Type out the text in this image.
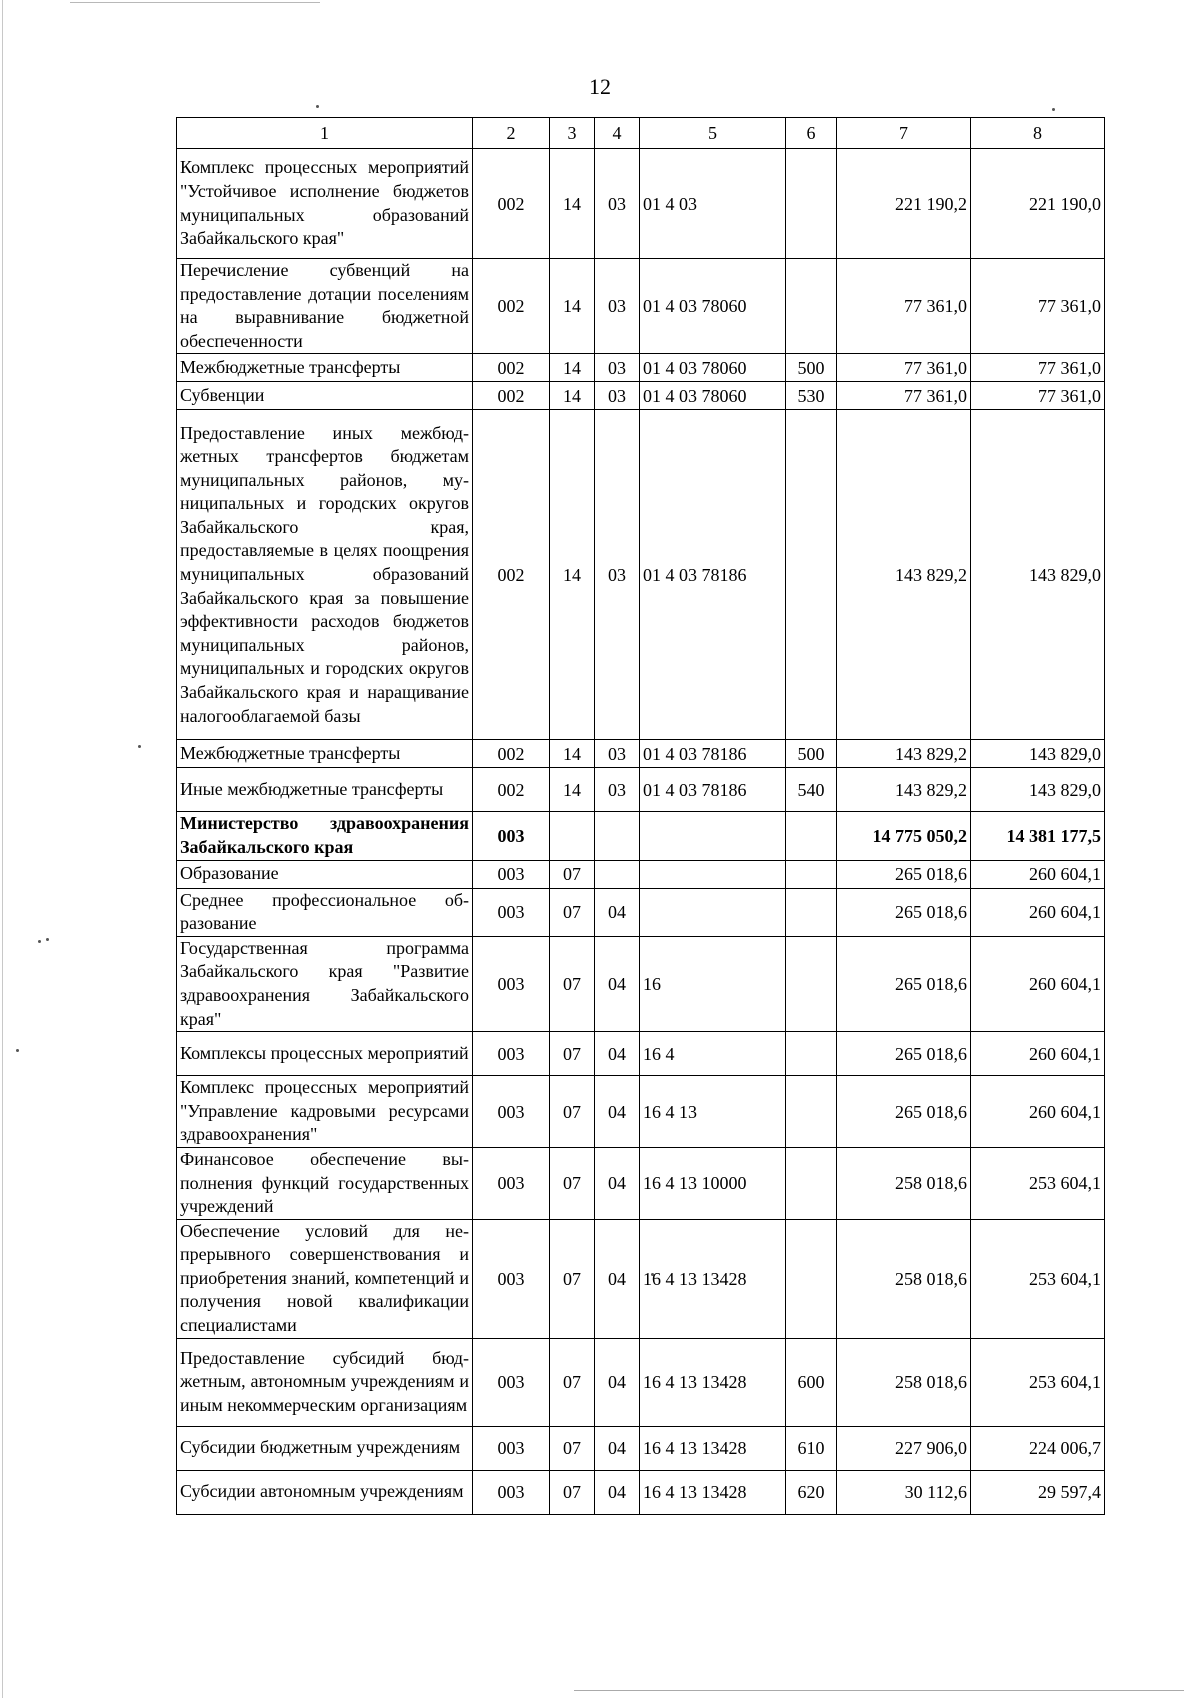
12
1	2	3	4	5	6	7	8
Комплекс процессных мероприятий "Устойчивое исполнение бюджетов муниципальных образований Забайкальского края"	002	14	03	01 4 03		221 190,2	221 190,0
Перечисление субвенций на предоставление дотации поселениям на выравнивание бюджетной обеспеченности	002	14	03	01 4 03 78060		77 361,0	77 361,0
Межбюджетные трансферты	002	14	03	01 4 03 78060	500	77 361,0	77 361,0
Субвенции	002	14	03	01 4 03 78060	530	77 361,0	77 361,0
Предоставление иных межбюджетных трансфертов бюджетам муниципальных районов, муниципальных и городских округов Забайкальского края, предоставляемые в целях поощрения муниципальных образований Забайкальского края за повышение эффективности расходов бюджетов муниципальных районов, муниципальных и городских округов Забайкальского края и наращивание налогооблагаемой базы	002	14	03	01 4 03 78186		143 829,2	143 829,0
Межбюджетные трансферты	002	14	03	01 4 03 78186	500	143 829,2	143 829,0
Иные межбюджетные трансферты	002	14	03	01 4 03 78186	540	143 829,2	143 829,0
Министерство здравоохранения Забайкальского края	003					14 775 050,2	14 381 177,5
Образование	003	07				265 018,6	260 604,1
Среднее профессиональное образование	003	07	04			265 018,6	260 604,1
Государственная программа Забайкальского края "Развитие здравоохранения Забайкальского края"	003	07	04	16		265 018,6	260 604,1
Комплексы процессных мероприятий	003	07	04	16 4		265 018,6	260 604,1
Комплекс процессных мероприятий "Управление кадровыми ресурсами здравоохранения"	003	07	04	16 4 13		265 018,6	260 604,1
Финансовое обеспечение выполнения функций государственных учреждений	003	07	04	16 4 13 10000		258 018,6	253 604,1
Обеспечение условий для непрерывного совершенствования и приобретения знаний, компетенций и получения новой квалификации специалистами	003	07	04	16 4 13 13428		258 018,6	253 604,1
Предоставление субсидий бюджетным, автономным учреждениям и иным некоммерческим организациям	003	07	04	16 4 13 13428	600	258 018,6	253 604,1
Субсидии бюджетным учреждениям	003	07	04	16 4 13 13428	610	227 906,0	224 006,7
Субсидии автономным учреждениям	003	07	04	16 4 13 13428	620	30 112,6	29 597,4
